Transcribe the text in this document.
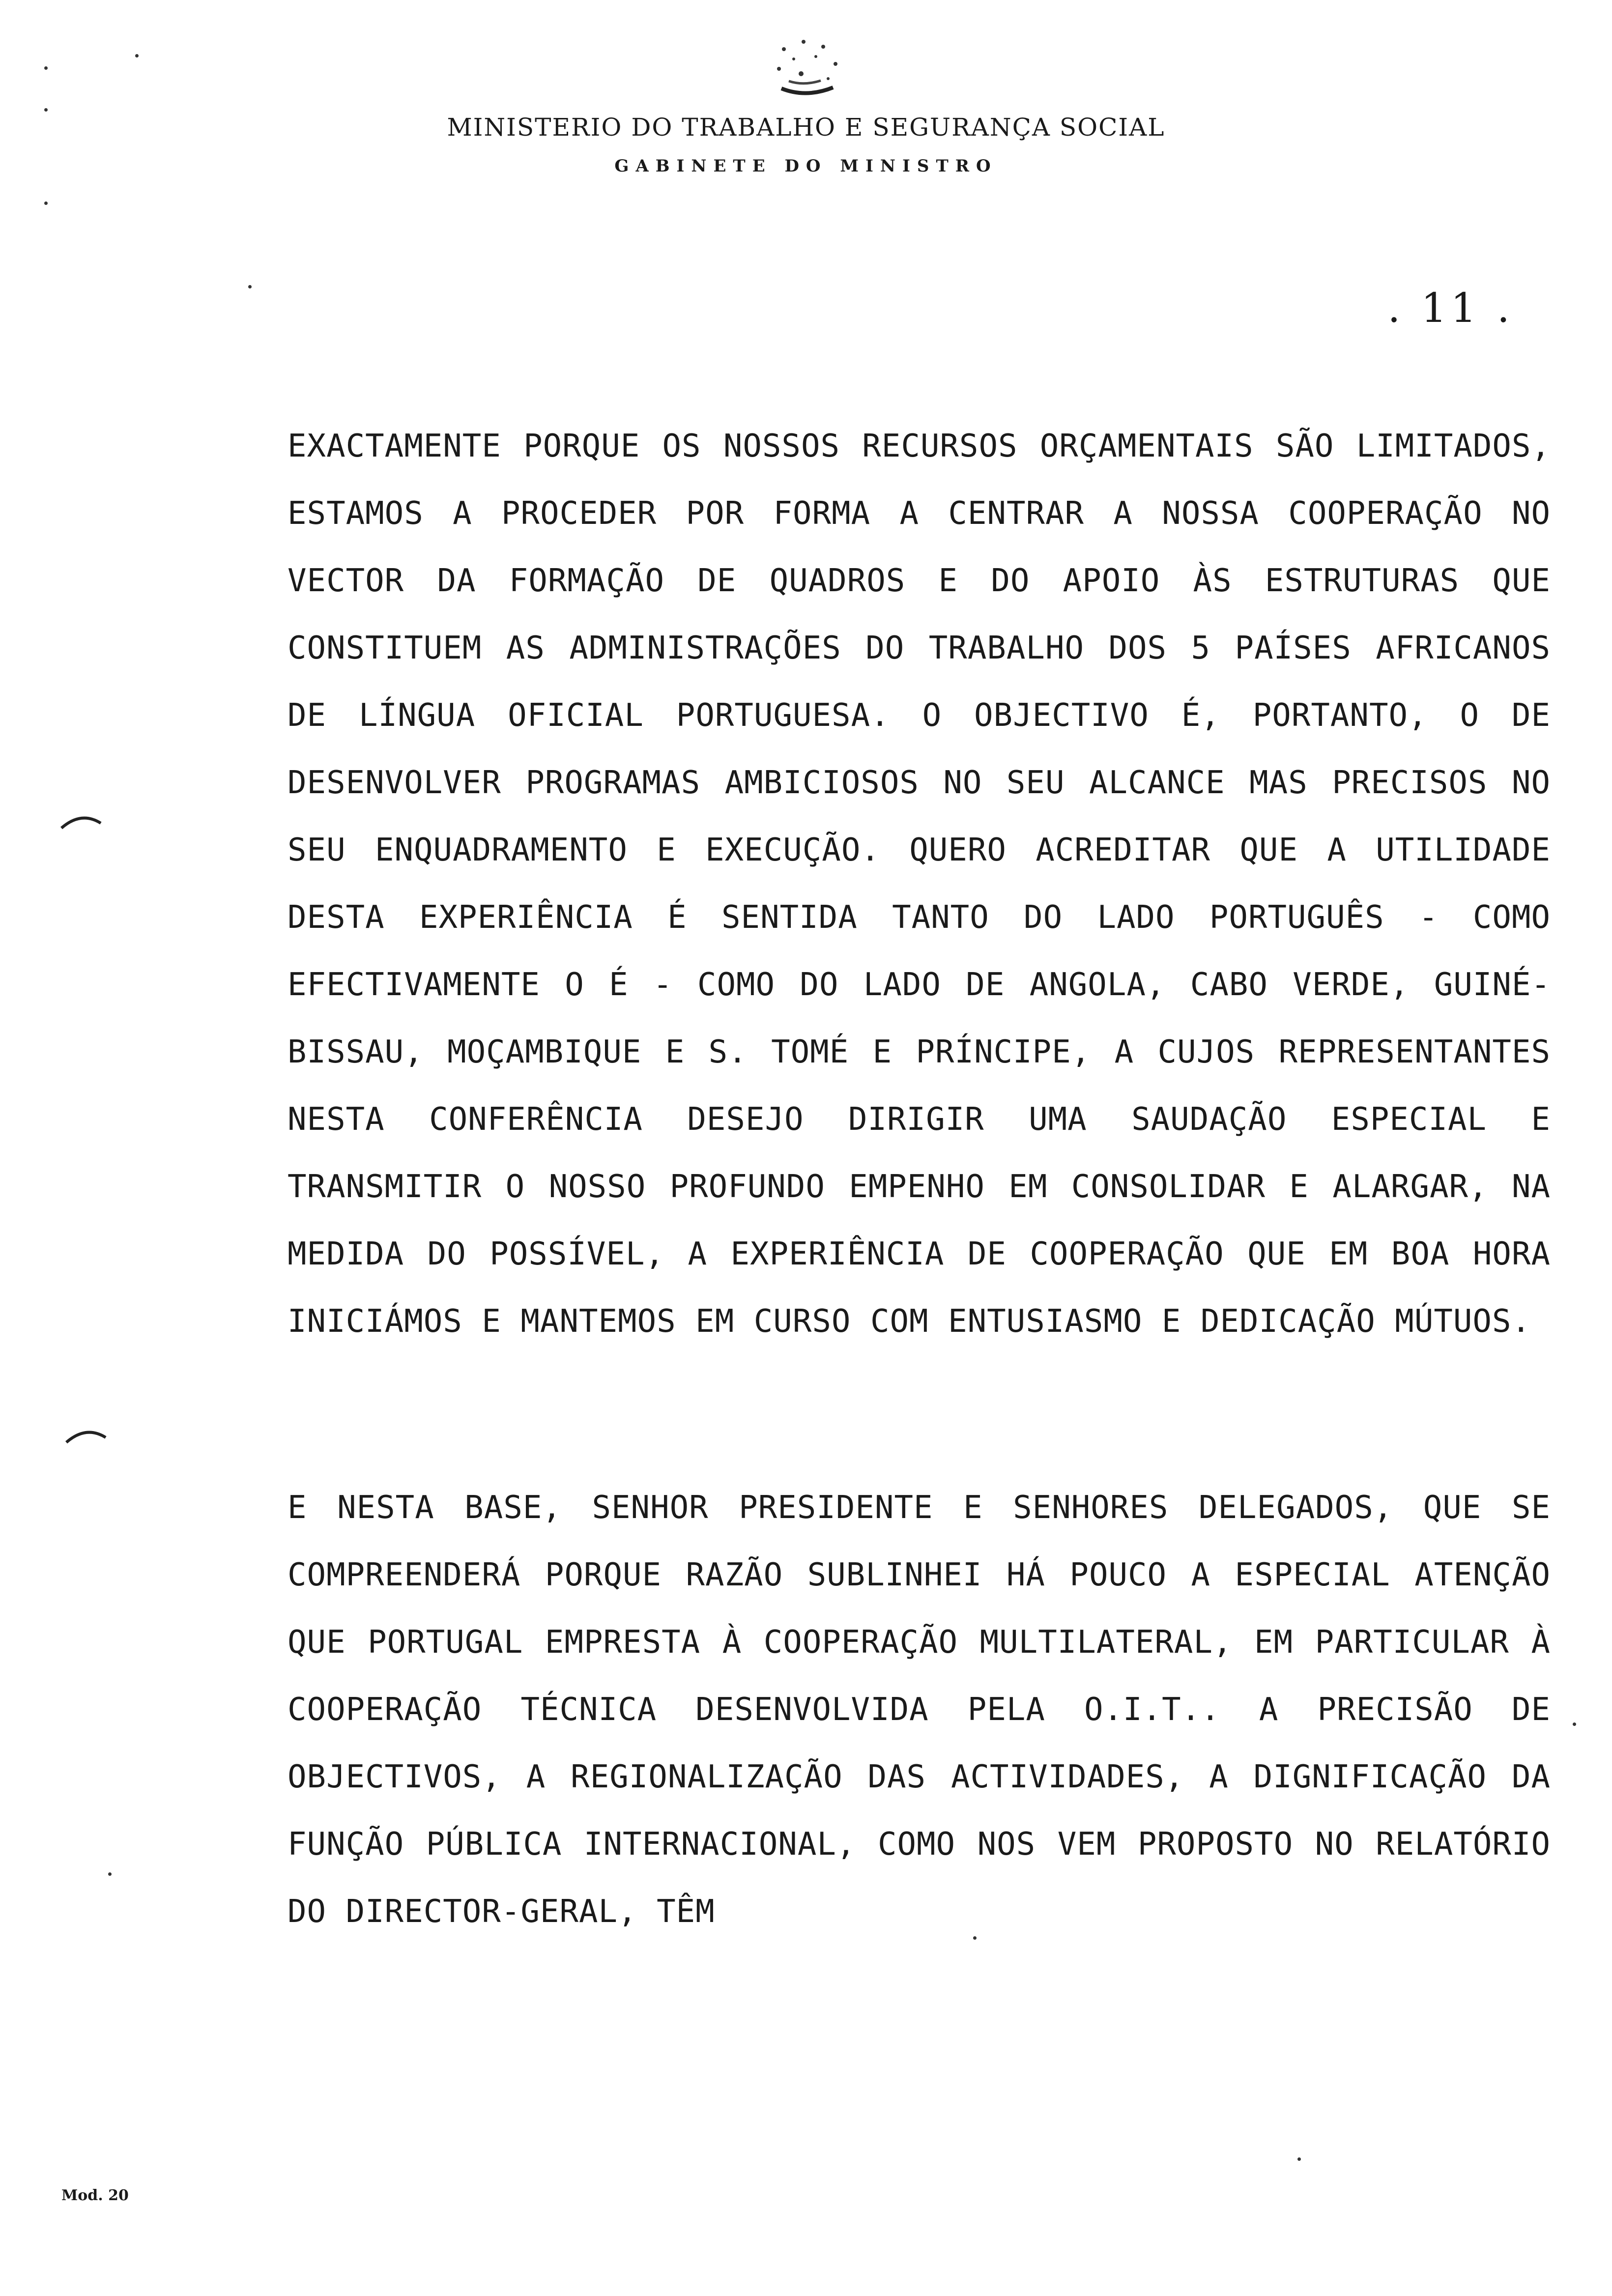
MINISTERIO DO TRABALHO E SEGURANÇA SOCIAL
GABINETE DO MINISTRO
. 11 .

EXACTAMENTE PORQUE OS NOSSOS RECURSOS ORÇAMENTAIS SÃO LIMITADOS, ESTAMOS A PROCEDER POR FORMA A CENTRAR A NOSSA COOPERAÇÃO NO VECTOR DA FORMAÇÃO DE QUADROS E DO APOIO ÀS ESTRUTURAS QUE CONSTITUEM AS ADMINISTRAÇÕES DO TRABALHO DOS 5 PAÍSES AFRICANOS DE LÍNGUA OFICIAL PORTUGUESA. O OBJECTIVO É, PORTANTO, O DE DESENVOLVER PROGRAMAS AMBICIOSOS NO SEU ALCANCE MAS PRECISOS NO SEU ENQUADRAMENTO E EXECUÇÃO. QUERO ACREDITAR QUE A UTILIDADE DESTA EXPERIÊNCIA É SENTIDA TANTO DO LADO PORTUGUÊS - COMO EFECTIVAMENTE O É - COMO DO LADO DE ANGOLA, CABO VERDE, GUINÉ-BISSAU, MOÇAMBIQUE E S. TOMÉ E PRÍNCIPE, A CUJOS REPRESENTANTES NESTA CONFERÊNCIA DESEJO DIRIGIR UMA SAUDAÇÃO ESPECIAL E TRANSMITIR O NOSSO PROFUNDO EMPENHO EM CONSOLIDAR E ALARGAR, NA MEDIDA DO POSSÍVEL, A EXPERIÊNCIA DE COOPERAÇÃO QUE EM BOA HORA INICIÁMOS E MANTEMOS EM CURSO COM ENTUSIASMO E DEDICAÇÃO MÚTUOS.

E NESTA BASE, SENHOR PRESIDENTE E SENHORES DELEGADOS, QUE SE COMPREENDERÁ PORQUE RAZÃO SUBLINHEI HÁ POUCO A ESPECIAL ATENÇÃO QUE PORTUGAL EMPRESTA À COOPERAÇÃO MULTILATERAL, EM PARTICULAR À COOPERAÇÃO TÉCNICA DESENVOLVIDA PELA O.I.T.. A PRECISÃO DE OBJECTIVOS, A REGIONALIZAÇÃO DAS ACTIVIDADES, A DIGNIFICAÇÃO DA FUNÇÃO PÚBLICA INTERNACIONAL, COMO NOS VEM PROPOSTO NO RELATÓRIO DO DIRECTOR-GERAL, TÊM

Mod. 20
